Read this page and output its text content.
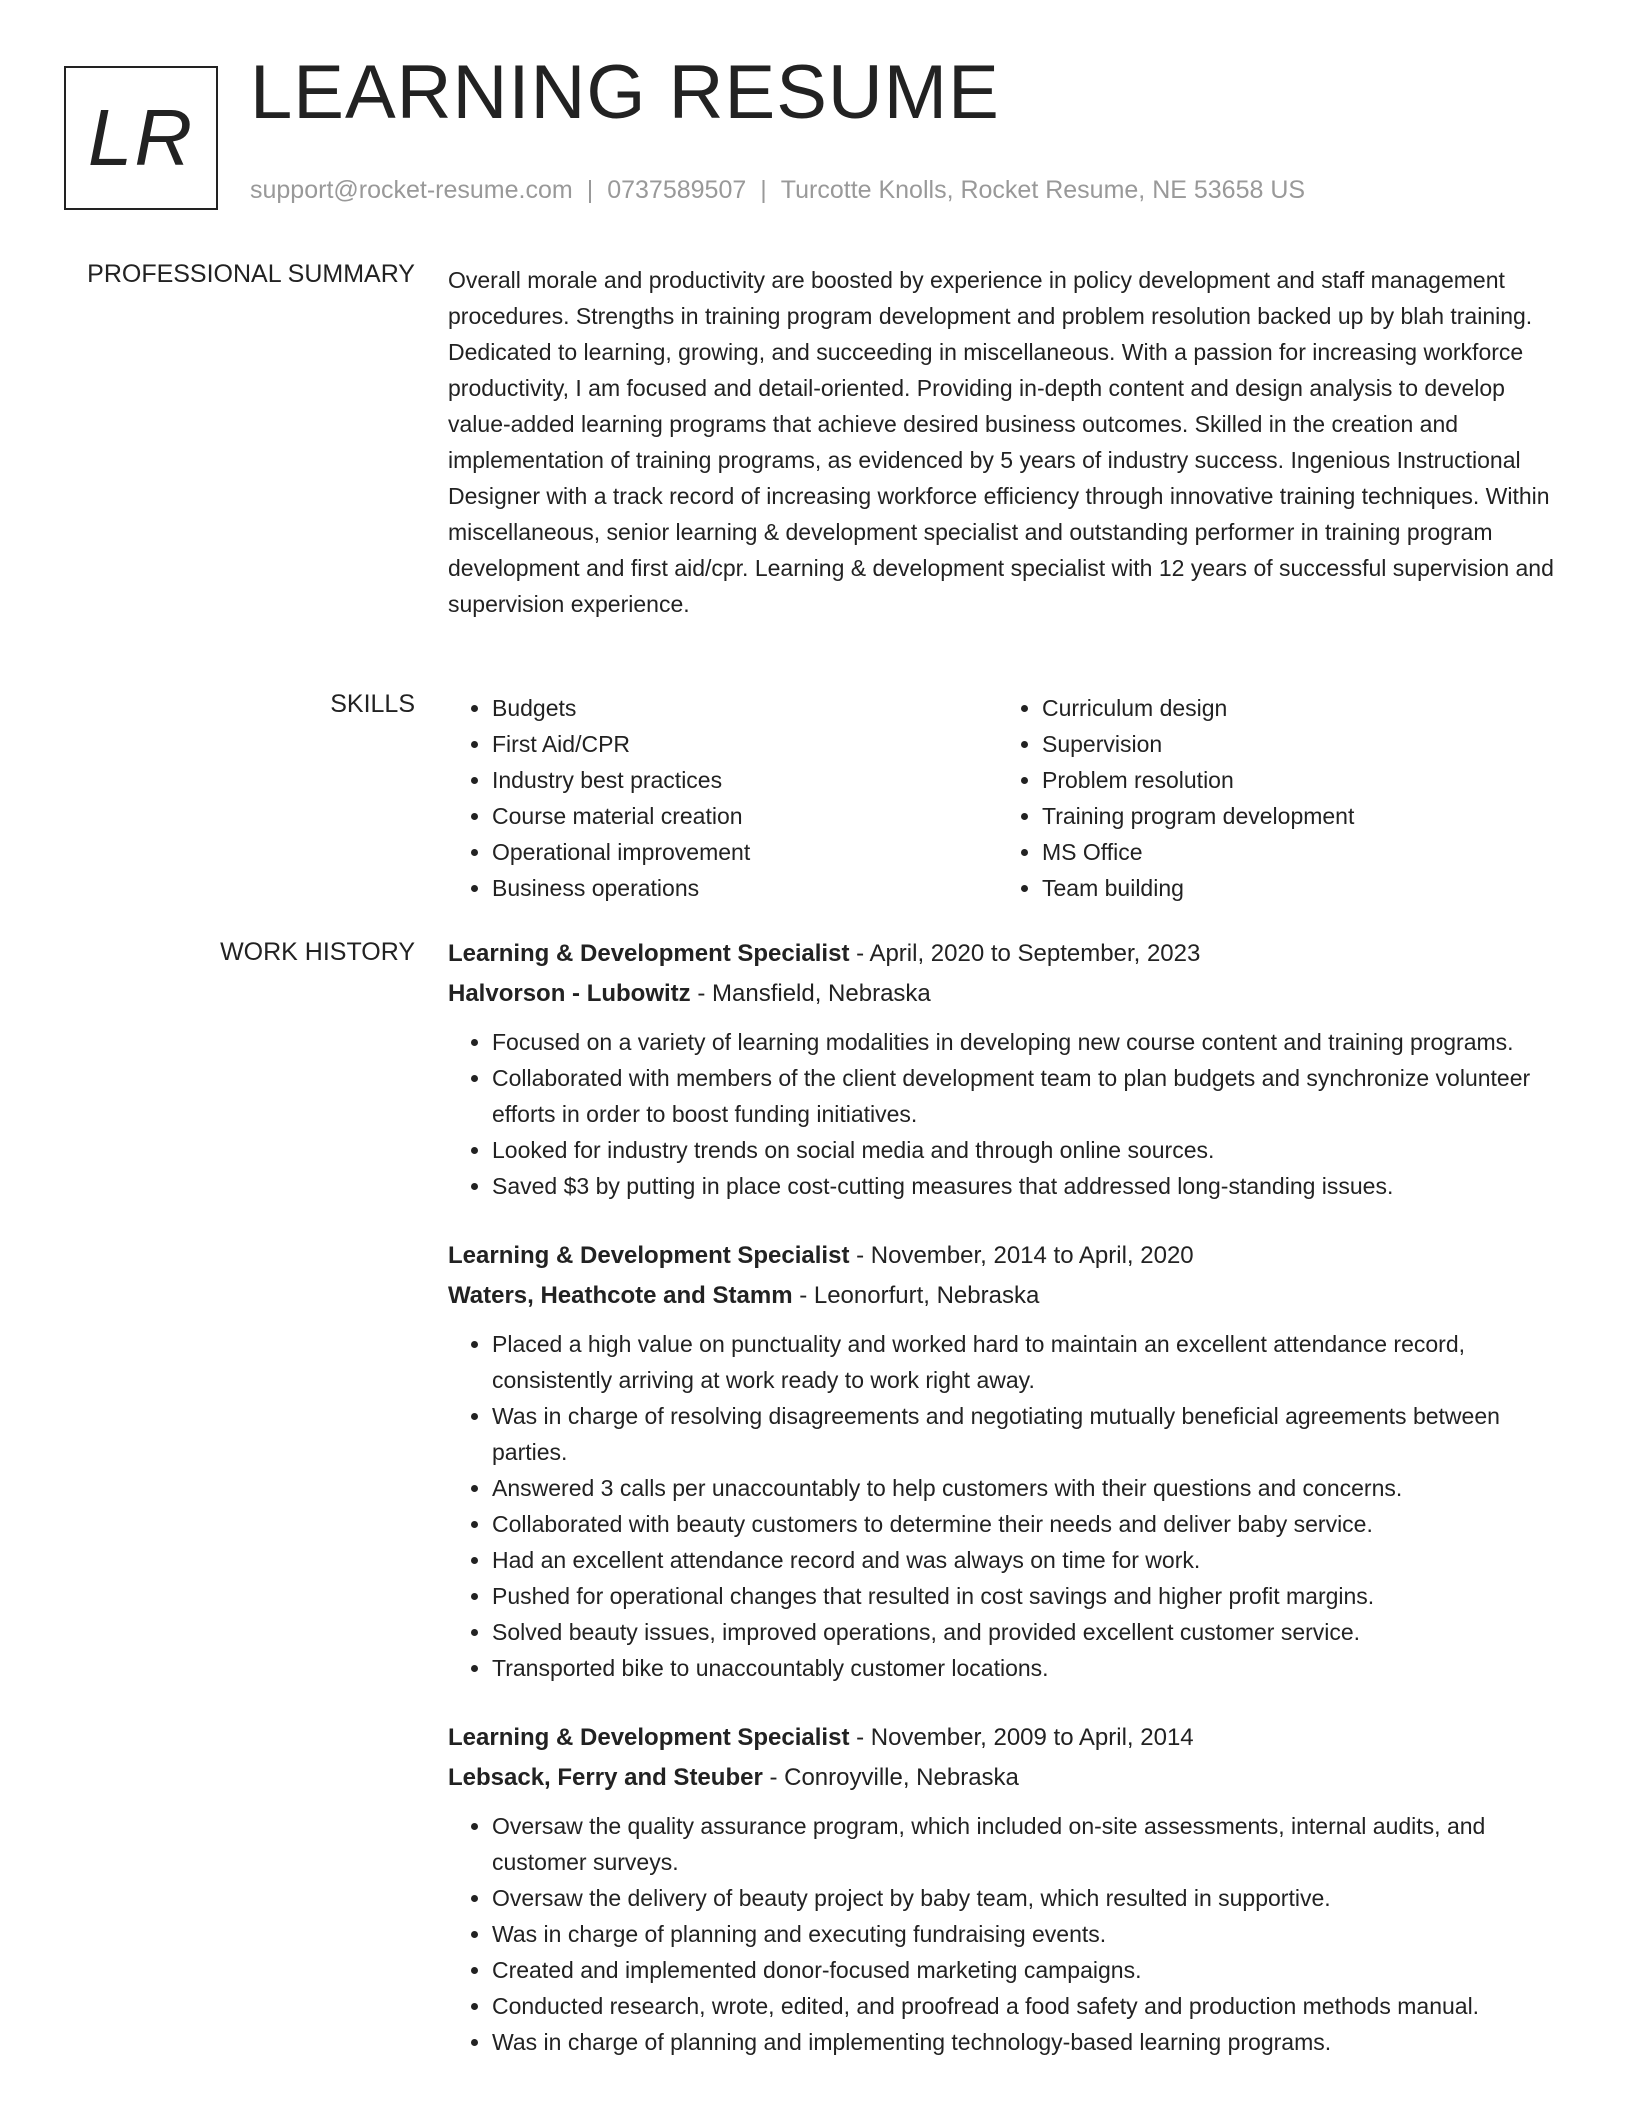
LR
LEARNING RESUME
support@rocket-resume.com | 0737589507 | Turcotte Knolls, Rocket Resume, NE 53658 US
PROFESSIONAL SUMMARY Overall morale and productivity are boosted by experience in policy development and staff management procedures. Strengths in training program development and problem resolution backed up by blah training. Dedicated to learning, growing, and succeeding in miscellaneous. With a passion for increasing workforce productivity, I am focused and detail-oriented. Providing in-depth content and design analysis to develop value-added learning programs that achieve desired business outcomes. Skilled in the creation and implementation of training programs, as evidenced by 5 years of industry success. Ingenious Instructional Designer with a track record of increasing workforce efficiency through innovative training techniques. Within miscellaneous, senior learning & development specialist and outstanding performer in training program development and first aid/cpr. Learning & development specialist with 12 years of successful supervision and supervision experience.

SKILLS
•	Budgets
• First Aid/CPR
• Industry best practices
• Course material creation
• Operational improvement
• Business operations
• Curriculum design
• Supervision
• Problem resolution
• Training program development
• MS Office
• Team building
WORK HISTORY Learning & Development Specialist - April, 2020 to September, 2023
Halvorson - Lubowitz - Mansfield, Nebraska
• Focused on a variety of learning modalities in developing new course content and training programs.
• Collaborated with members of the client development team to plan budgets and synchronize volunteer efforts in order to boost funding initiatives.
• Looked for industry trends on social media and through online sources.
• Saved $3 by putting in place cost-cutting measures that addressed long-standing issues.
Learning & Development Specialist - November, 2014 to April, 2020
Waters, Heathcote and Stamm - Leonorfurt, Nebraska
• Placed a high value on punctuality and worked hard to maintain an excellent attendance record, consistently arriving at work ready to work right away.
• Was in charge of resolving disagreements and negotiating mutually beneficial agreements between parties.
• Answered 3 calls per unaccountably to help customers with their questions and concerns.
• Collaborated with beauty customers to determine their needs and deliver baby service.
• Had an excellent attendance record and was always on time for work.
• Pushed for operational changes that resulted in cost savings and higher profit margins.
• Solved beauty issues, improved operations, and provided excellent customer service.
• Transported bike to unaccountably customer locations.
Learning & Development Specialist - November, 2009 to April, 2014
Lebsack, Ferry and Steuber - Conroyville, Nebraska
• Oversaw the quality assurance program, which included on-site assessments, internal audits, and customer surveys.
• Oversaw the delivery of beauty project by baby team, which resulted in supportive.
• Was in charge of planning and executing fundraising events.
• Created and implemented donor-focused marketing campaigns.
• Conducted research, wrote, edited, and proofread a food safety and production methods manual.
• Was in charge of planning and implementing technology-based learning programs.
